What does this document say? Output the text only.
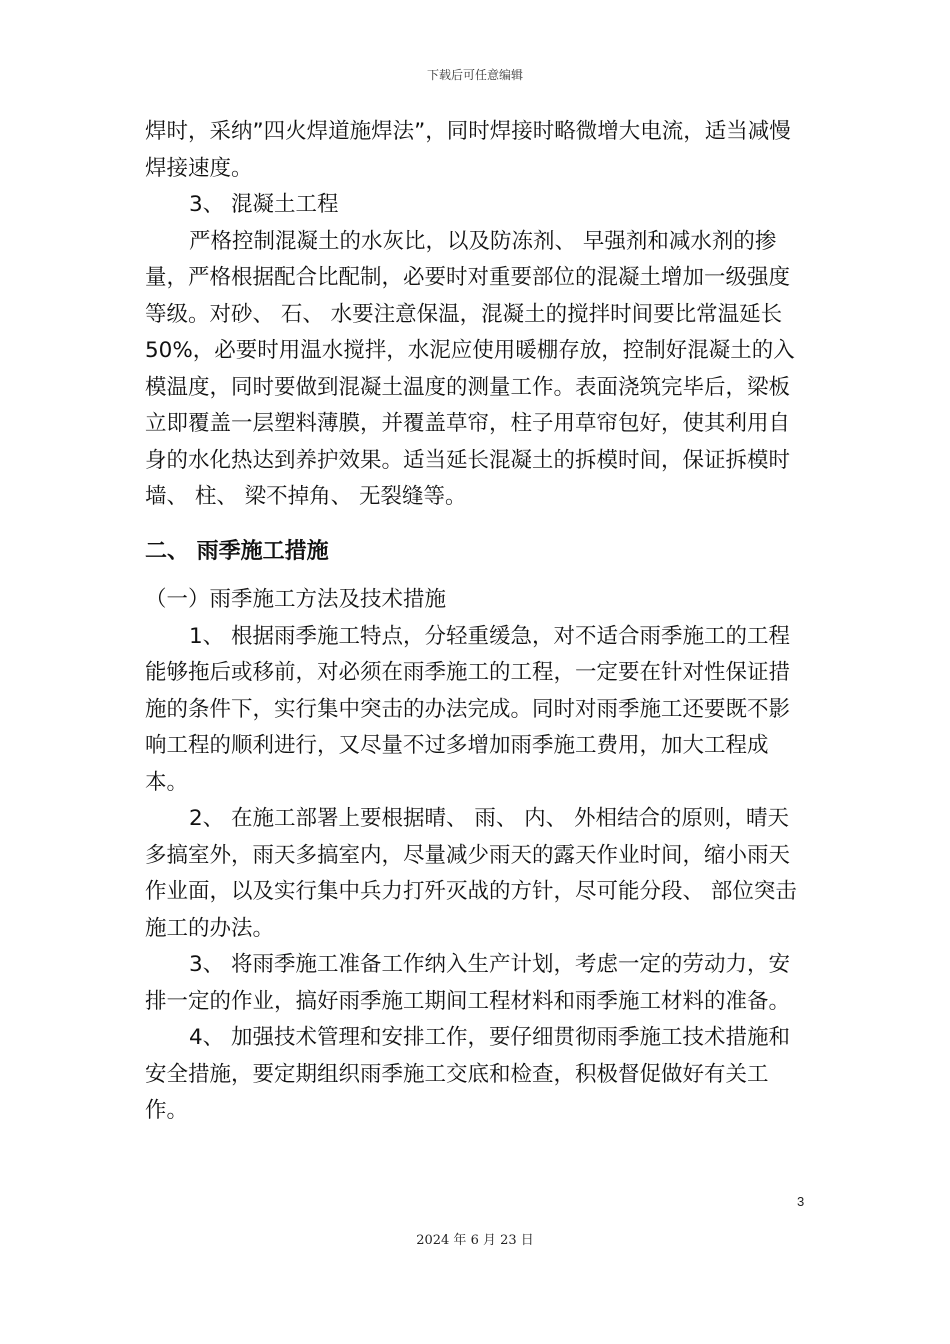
下载后可任意编辑

焊时，采纳”四火焊道施焊法”，同时焊接时略微增大电流，适当减慢焊接速度。

3、 混凝土工程

严格控制混凝土的水灰比，以及防冻剂、 早强剂和减水剂的掺量，严格根据配合比配制，必要时对重要部位的混凝土增加一级强度等级。对砂、 石、 水要注意保温，混凝土的搅拌时间要比常温延长 50%，必要时用温水搅拌，水泥应使用暖棚存放，控制好混凝土的入模温度，同时要做到混凝土温度的测量工作。表面浇筑完毕后，梁板立即覆盖一层塑料薄膜，并覆盖草帘，柱子用草帘包好，使其利用自身的水化热达到养护效果。适当延长混凝土的拆模时间，保证拆模时墙、 柱、 梁不掉角、 无裂缝等。

二、 雨季施工措施

（一）雨季施工方法及技术措施

1、 根据雨季施工特点，分轻重缓急，对不适合雨季施工的工程能够拖后或移前，对必须在雨季施工的工程，一定要在针对性保证措施的条件下，实行集中突击的办法完成。同时对雨季施工还要既不影响工程的顺利进行，又尽量不过多增加雨季施工费用，加大工程成本。

2、 在施工部署上要根据晴、 雨、 内、 外相结合的原则，晴天多搞室外，雨天多搞室内，尽量减少雨天的露天作业时间，缩小雨天作业面，以及实行集中兵力打歼灭战的方针，尽可能分段、 部位突击施工的办法。

3、 将雨季施工准备工作纳入生产计划，考虑一定的劳动力，安排一定的作业，搞好雨季施工期间工程材料和雨季施工材料的准备。

4、 加强技术管理和安排工作，要仔细贯彻雨季施工技术措施和安全措施，要定期组织雨季施工交底和检查，积极督促做好有关工作。

3
2024 年 6 月 23 日
